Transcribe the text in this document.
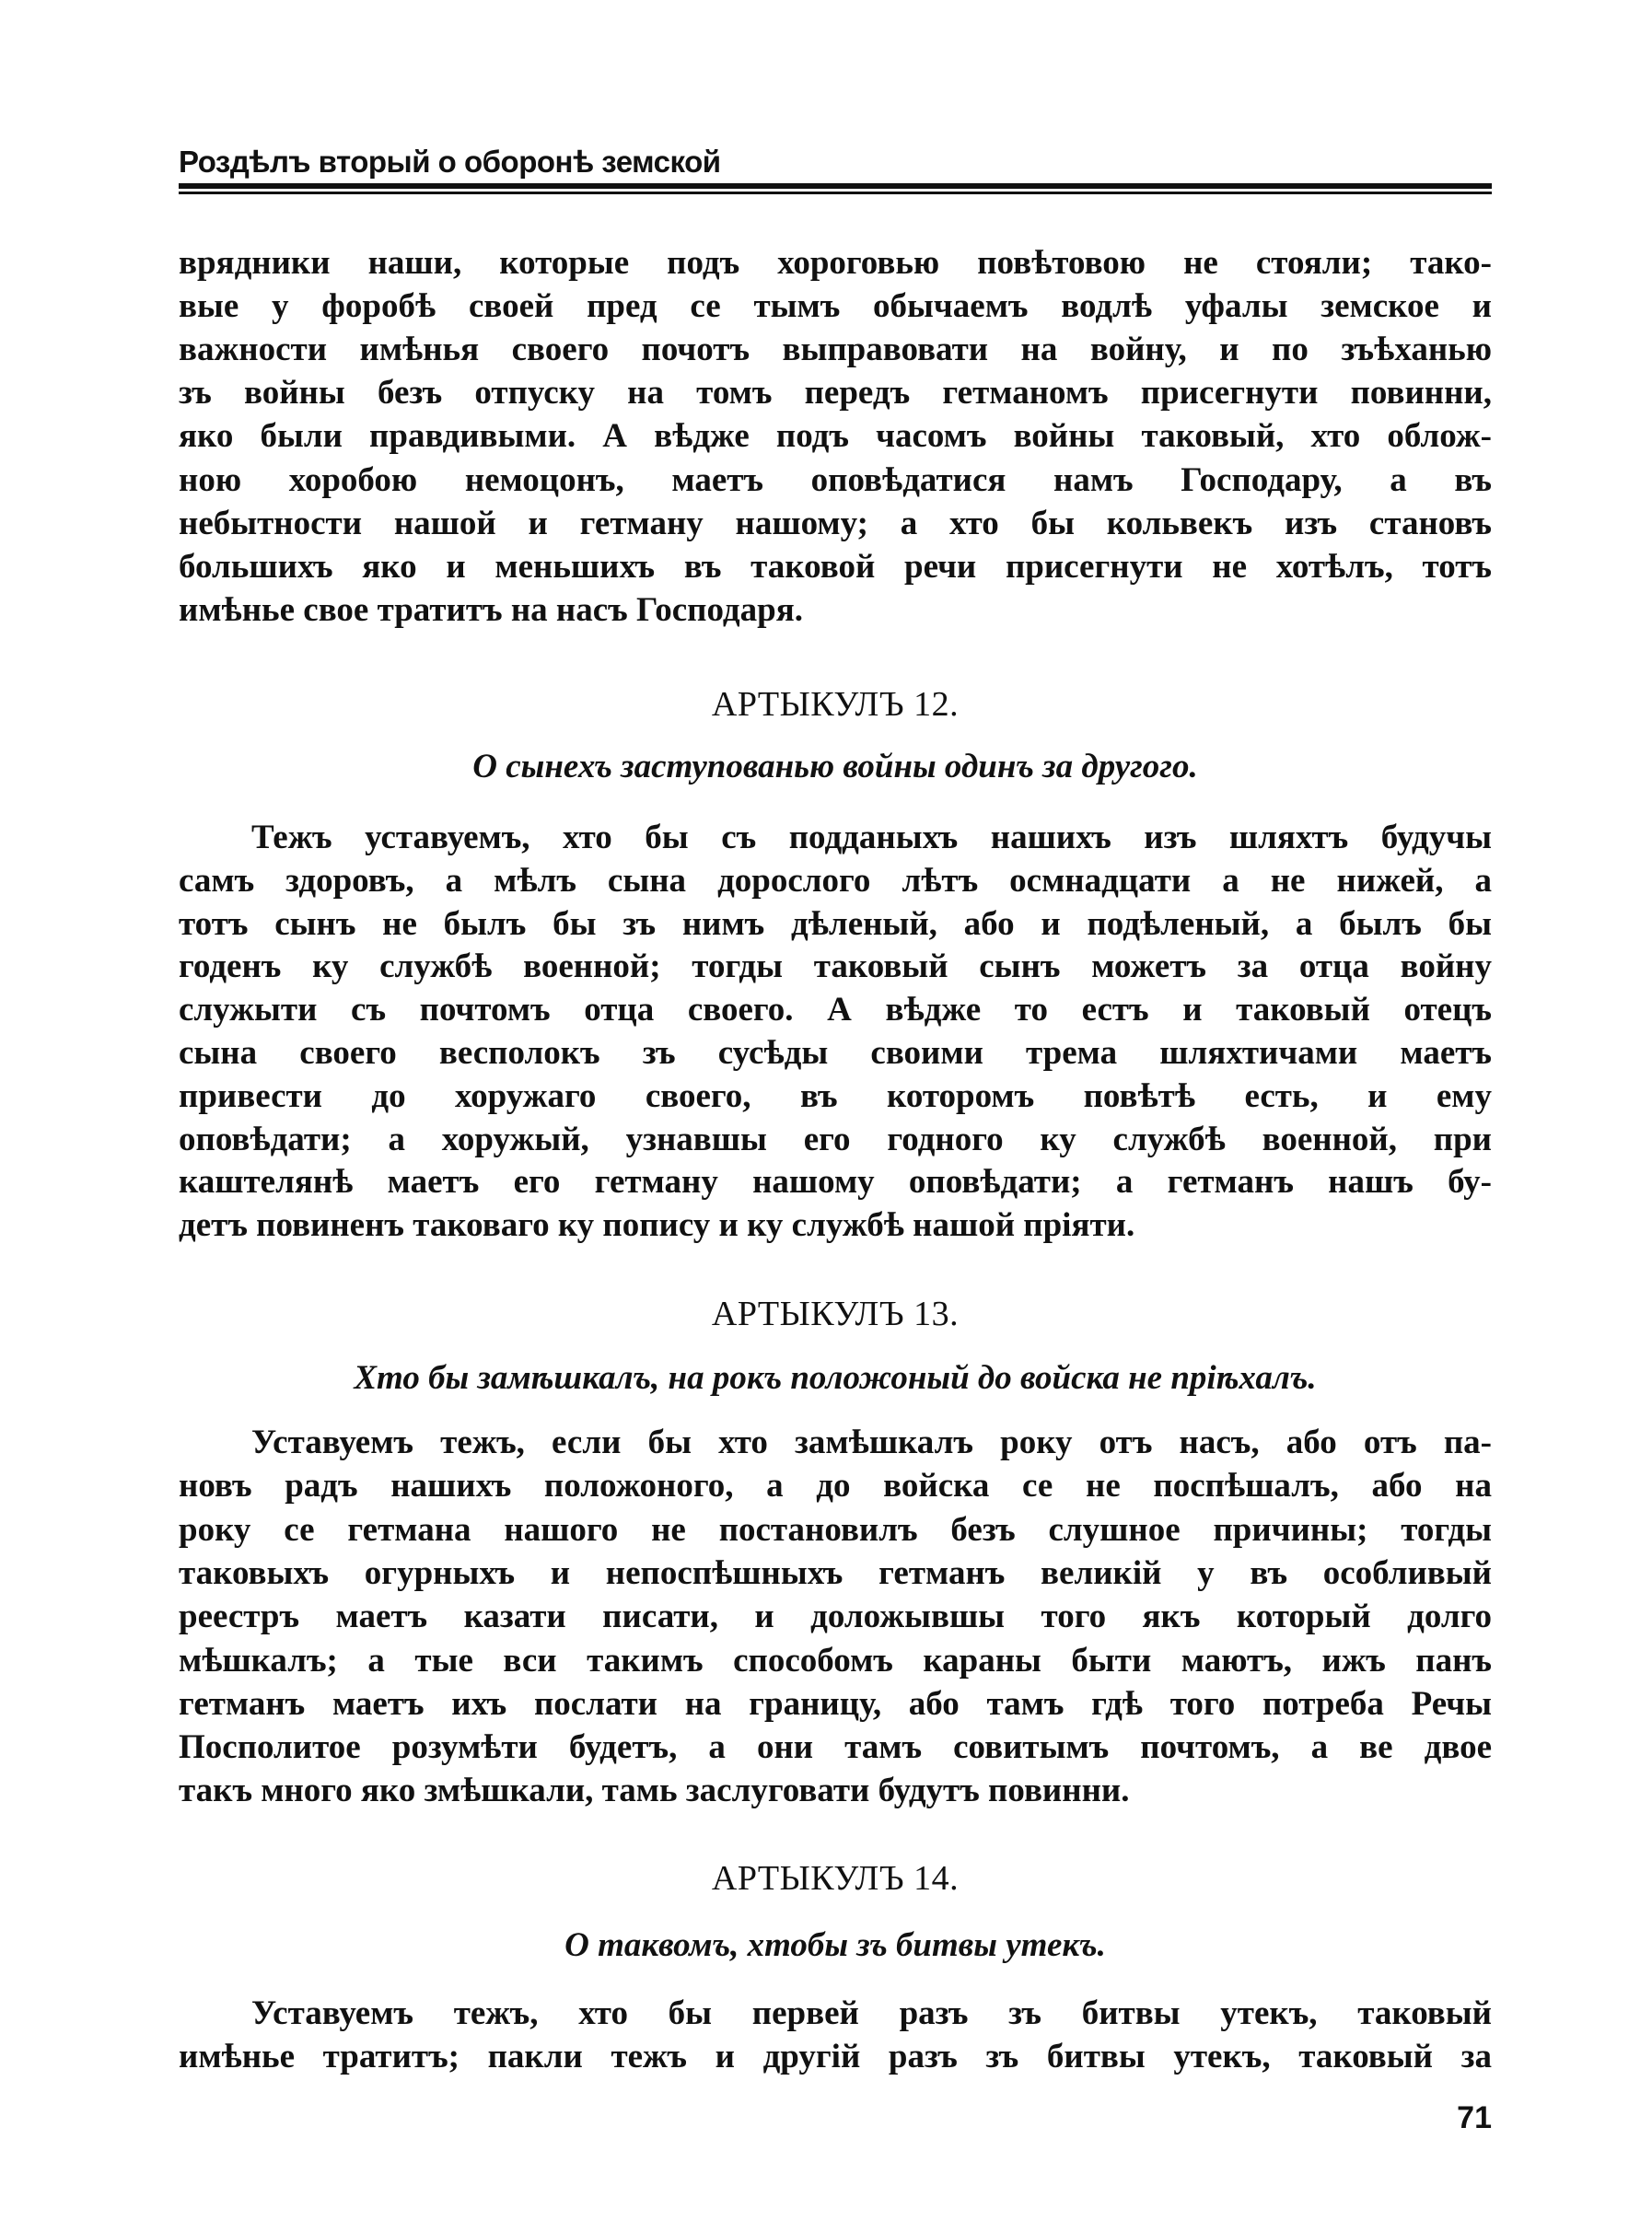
Роздѣлъ вторый о оборонѣ земской
врядники наши, которые подъ хороговью повѣтовою не стояли; тако-
вые у форобѣ своей пред се тымъ обычаемъ водлѣ уфалы земское и
важности имѣнья своего почотъ выправовати на войну, и по зъѣханью
зъ войны безъ отпуску на томъ передъ гетманомъ присегнути повинни,
яко были правдивыми. А вѣдже подъ часомъ войны таковый, хто облож-
ною хоробою немоцонъ, маетъ оповѣдатися намъ Господару, а въ
небытности нашой и гетману нашому; а хто бы кольвекъ изъ становъ
большихъ яко и меньшихъ въ таковой речи присегнути не хотѣлъ, тотъ
имѣнье свое тратитъ на насъ Господаря.
АРТЫКУЛЪ 12.
О сынехъ заступованью войны одинъ за другого.
Тежъ уставуемъ, хто бы съ подданыхъ нашихъ изъ шляхтъ будучы
самъ здоровъ, а мѣлъ сына дорослого лѣтъ осмнадцати а не нижей, а
тотъ сынъ не былъ бы зъ нимъ дѣленый, або и подѣленый, а былъ бы
годенъ ку службѣ военной; тогды таковый сынъ можетъ за отца войну
служыти съ почтомъ отца своего. А вѣдже то естъ и таковый отецъ
сына своего весполокъ зъ сусѣды своими трема шляхтичами маетъ
привести до хоружаго своего, въ которомъ повѣтѣ есть, и ему
оповѣдати; а хоружый, узнавшы его годного ку службѣ военной, при
каштелянѣ маетъ его гетману нашому оповѣдати; а гетманъ нашъ бу-
детъ повиненъ таковаго ку попису и ку службѣ нашой пріяти.
АРТЫКУЛЪ 13.
Хто бы замѣшкалъ, на рокъ положоный до войска не пріѣхалъ.
Уставуемъ тежъ, если бы хто замѣшкалъ року отъ насъ, або отъ па-
новъ радъ нашихъ положоного, а до войска се не поспѣшалъ, або на
року се гетмана нашого не постановилъ безъ слушное причины; тогды
таковыхъ огурныхъ и непоспѣшныхъ гетманъ великій у въ особливый
реестръ маетъ казати писати, и доложывшы того якъ который долго
мѣшкалъ; а тые вси такимъ способомъ караны быти маютъ, ижъ панъ
гетманъ маетъ ихъ послати на границу, або тамъ гдѣ того потреба Речы
Посполитое розумѣти будетъ, а они тамъ совитымъ почтомъ, а ве двое
такъ много яко змѣшкали, тамь заслуговати будутъ повинни.
АРТЫКУЛЪ 14.
О таквомъ, хтобы зъ битвы утекъ.
Уставуемъ тежъ, хто бы первей разъ зъ битвы утекъ, таковый
имѣнье тратитъ; пакли тежъ и другій разъ зъ битвы утекъ, таковый за
71
